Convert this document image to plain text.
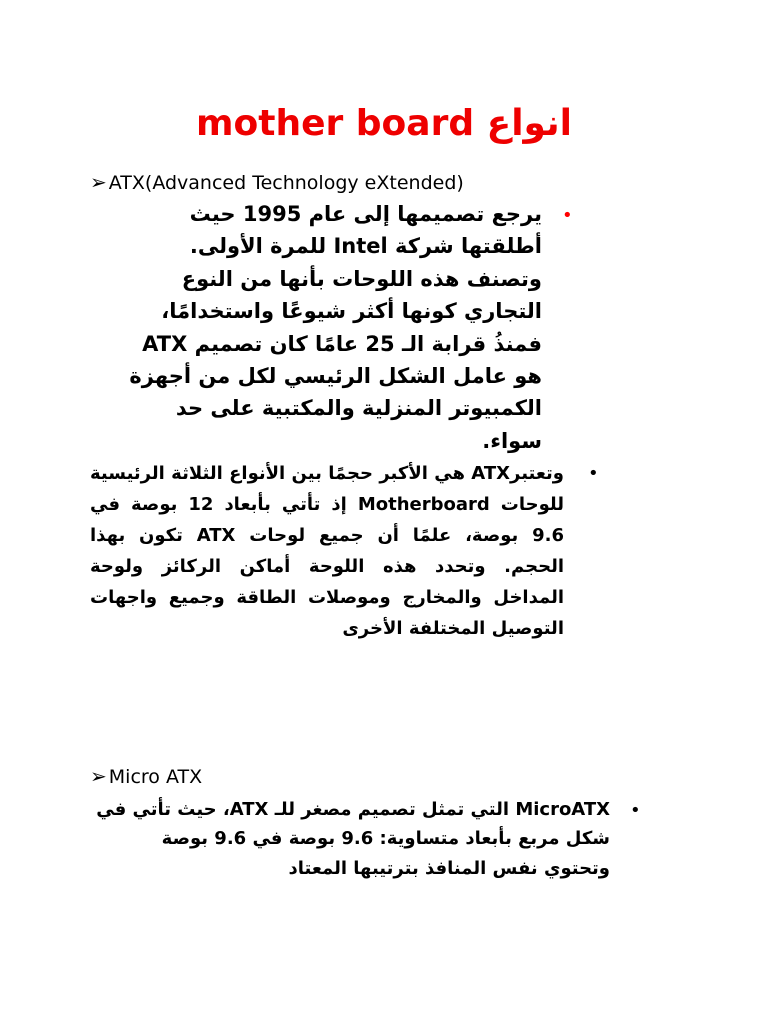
انواع mother board
➢ ATX(Advanced Technology eXtended)
•

يرجع تصميمها إلى عام 1995 حيث أطلقتها شركة Intel للمرة الأولى. وتصنف هذه اللوحات بأنها من النوع التجاري كونها أكثر شيوعًا واستخدامًا، فمنذُ قرابة الـ 25 عامًا كان تصميم ATX هو عامل الشكل الرئيسي لكل من أجهزة الكمبيوتر المنزلية والمكتبية على حد سواء.

•

وتعتبرATX هي الأكبر حجمًا بين الأنواع الثلاثة الرئيسية للوحات Motherboard إذ تأتي بأبعاد 12 بوصة في 9.6 بوصة، علمًا أن جميع لوحات ATX تكون بهذا الحجم. وتحدد هذه اللوحة أماكن الركائز ولوحة المداخل والمخارج وموصلات الطاقة وجميع واجهات التوصيل المختلفة الأخرى

➢ Micro ATX
•

MicroATX التي تمثل تصميم مصغر للـ ATX، حيث تأتي في شكل مربع بأبعاد متساوية: 9.6 بوصة في 9.6 بوصة وتحتوي نفس المنافذ بترتيبها المعتاد
